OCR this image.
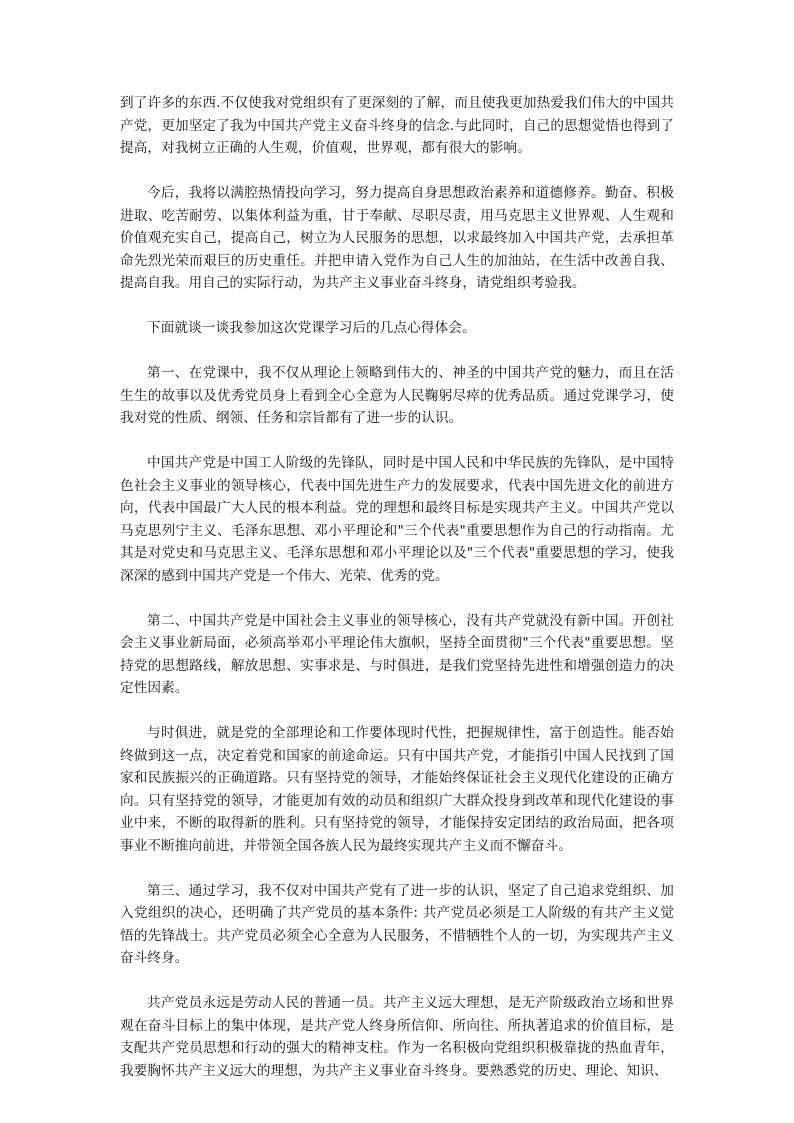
到了许多的东西.不仅使我对党组织有了更深刻的了解，而且使我更加热爱我们伟大的中国共产党，更加坚定了我为中国共产党主义奋斗终身的信念.与此同时，自己的思想觉悟也得到了提高，对我树立正确的人生观，价值观，世界观，都有很大的影响。

今后，我将以满腔热情投向学习，努力提高自身思想政治素养和道德修养。勤奋、积极进取、吃苦耐劳、以集体利益为重，甘于奉献、尽职尽责，用马克思主义世界观、人生观和价值观充实自己，提高自己，树立为人民服务的思想，以求最终加入中国共产党，去承担革命先烈光荣而艰巨的历史重任。并把申请入党作为自己人生的加油站，在生活中改善自我、提高自我。用自己的实际行动，为共产主义事业奋斗终身，请党组织考验我。

下面就谈一谈我参加这次党课学习后的几点心得体会。

第一、在党课中，我不仅从理论上领略到伟大的、神圣的中国共产党的魅力，而且在活生生的故事以及优秀党员身上看到全心全意为人民鞠躬尽瘁的优秀品质。通过党课学习，使我对党的性质、纲领、任务和宗旨都有了进一步的认识。

中国共产党是中国工人阶级的先锋队，同时是中国人民和中华民族的先锋队，是中国特色社会主义事业的领导核心，代表中国先进生产力的发展要求，代表中国先进文化的前进方向，代表中国最广大人民的根本利益。党的理想和最终目标是实现共产主义。中国共产党以马克思列宁主义、毛泽东思想、邓小平理论和"三个代表"重要思想作为自己的行动指南。尤其是对党史和马克思主义、毛泽东思想和邓小平理论以及"三个代表"重要思想的学习，使我深深的感到中国共产党是一个伟大、光荣、优秀的党。

第二、中国共产党是中国社会主义事业的领导核心，没有共产党就没有新中国。开创社会主义事业新局面，必须高举邓小平理论伟大旗帜，坚持全面贯彻"三个代表"重要思想。坚持党的思想路线，解放思想、实事求是、与时俱进，是我们党坚持先进性和增强创造力的决定性因素。

与时俱进，就是党的全部理论和工作要体现时代性，把握规律性，富于创造性。能否始终做到这一点，决定着党和国家的前途命运。只有中国共产党，才能指引中国人民找到了国家和民族振兴的正确道路。只有坚持党的领导，才能始终保证社会主义现代化建设的正确方向。只有坚持党的领导，才能更加有效的动员和组织广大群众投身到改革和现代化建设的事业中来，不断的取得新的胜利。只有坚持党的领导，才能保持安定团结的政治局面，把各项事业不断推向前进，并带领全国各族人民为最终实现共产主义而不懈奋斗。

第三、通过学习，我不仅对中国共产党有了进一步的认识，坚定了自己追求党组织、加入党组织的决心，还明确了共产党员的基本条件: 共产党员必须是工人阶级的有共产主义觉悟的先锋战士。共产党员必须全心全意为人民服务，不惜牺牲个人的一切，为实现共产主义奋斗终身。

共产党员永远是劳动人民的普通一员。共产主义远大理想，是无产阶级政治立场和世界观在奋斗目标上的集中体现，是共产党人终身所信仰、所向往、所执著追求的价值目标，是支配共产党员思想和行动的强大的精神支柱。作为一名积极向党组织积极靠拢的热血青年，我要胸怀共产主义远大的理想，为共产主义事业奋斗终身。要熟悉党的历史、理论、知识、
